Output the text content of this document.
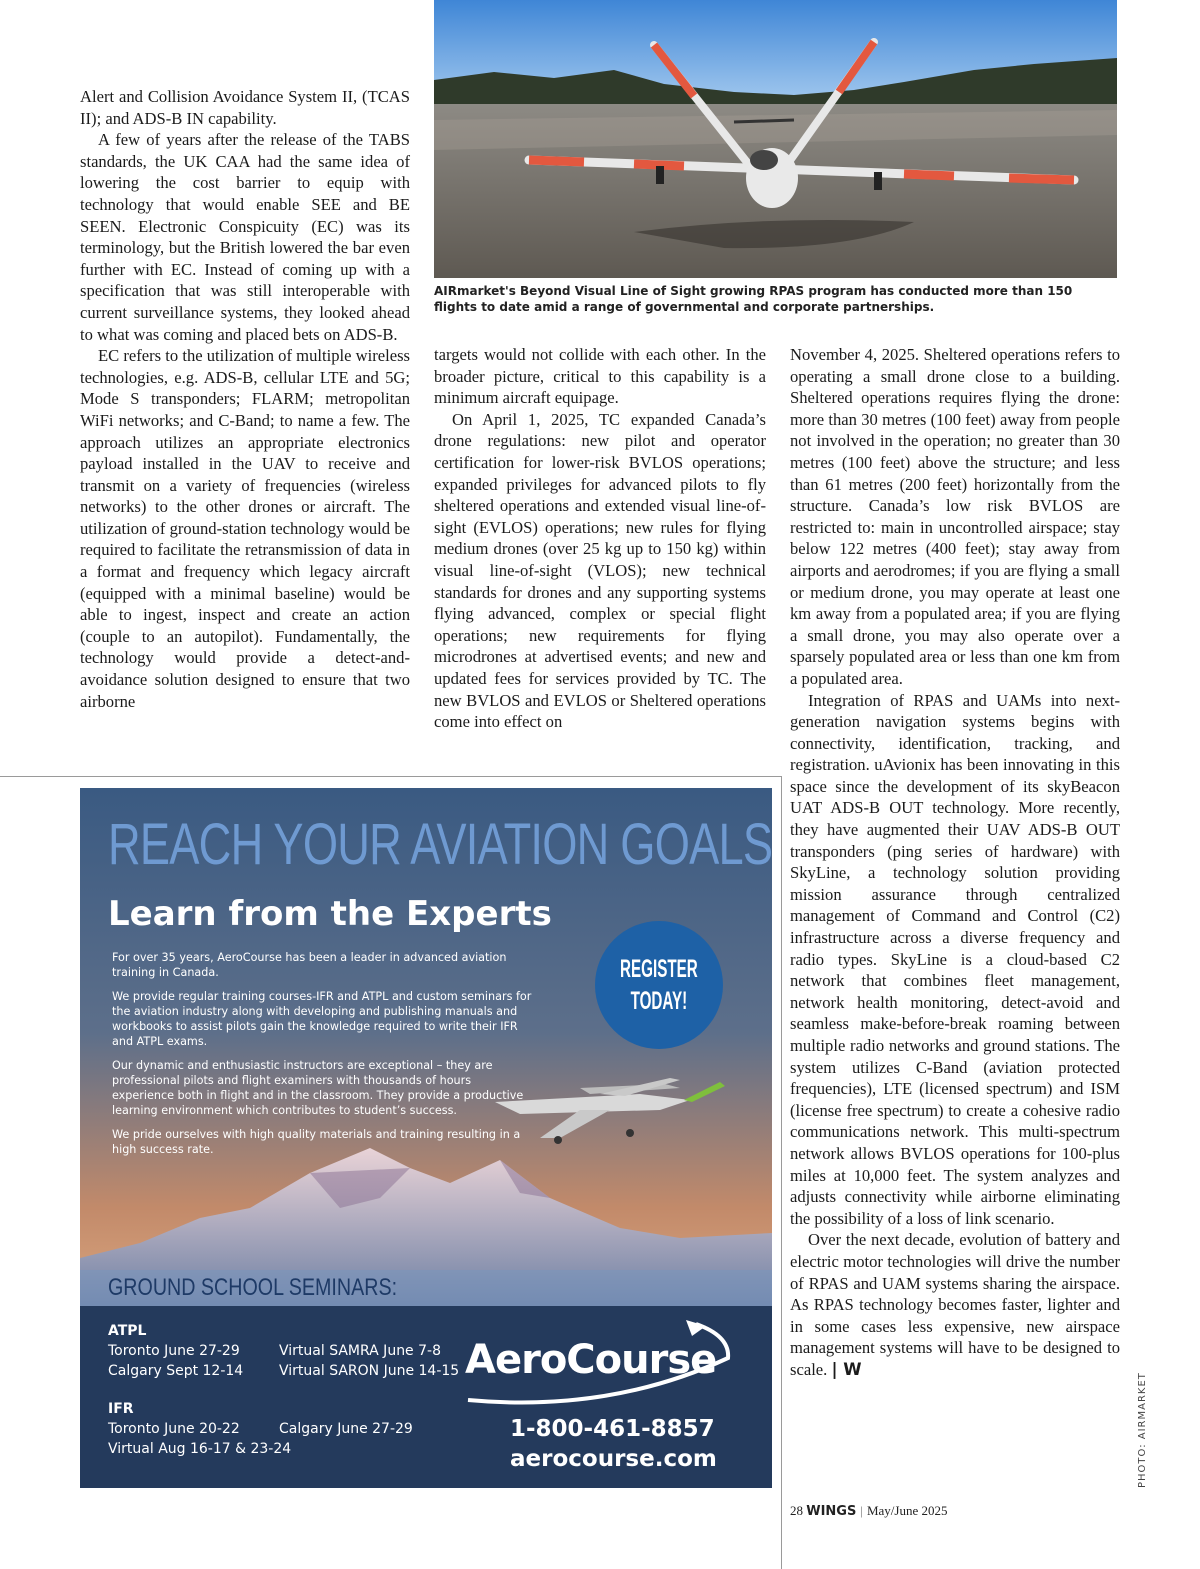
AIRmarket's Beyond Visual Line of Sight growing RPAS program has conducted more than 150 flights to date amid a range of governmental and corporate partnerships.
PHOTO: AIRMARKET

Alert and Collision Avoidance System II, (TCAS II); and ADS-B IN capability.

A few of years after the release of the TABS standards, the UK CAA had the same idea of lowering the cost barrier to equip with technology that would enable SEE and BE SEEN. Electronic Conspicuity (EC) was its terminology, but the British lowered the bar even further with EC. Instead of coming up with a specification that was still interoperable with current surveillance systems, they looked ahead to what was coming and placed bets on ADS-B.

EC refers to the utilization of multiple wireless technologies, e.g. ADS-B, cellular LTE and 5G; Mode S transponders; FLARM; metropolitan WiFi networks; and C-Band; to name a few. The approach utilizes an appropriate electronics payload installed in the UAV to receive and transmit on a variety of frequencies (wireless networks) to the other drones or aircraft. The utilization of ground-station technology would be required to facilitate the retransmission of data in a format and frequency which legacy aircraft (equipped with a minimal baseline) would be able to ingest, inspect and create an action (couple to an autopilot). Fundamentally, the technology would provide a detect-and-avoidance solution designed to ensure that two airborne

targets would not collide with each other. In the broader picture, critical to this capability is a minimum aircraft equipage.

On April 1, 2025, TC expanded Canada’s drone regulations: new pilot and operator certification for lower-risk BVLOS operations; expanded privileges for advanced pilots to fly sheltered operations and extended visual line-of-sight (EVLOS) operations; new rules for flying medium drones (over 25 kg up to 150 kg) within visual line-of-sight (VLOS); new technical standards for drones and any supporting systems flying advanced, complex or special flight operations; new requirements for flying microdrones at advertised events; and new and updated fees for services provided by TC. The new BVLOS and EVLOS or Sheltered operations come into effect on

November 4, 2025. Sheltered operations refers to operating a small drone close to a building. Sheltered operations requires flying the drone: more than 30 metres (100 feet) away from people not involved in the operation; no greater than 30 metres (100 feet) above the structure; and less than 61 metres (200 feet) horizontally from the structure. Canada’s low risk BVLOS are restricted to: main in uncontrolled airspace; stay below 122 metres (400 feet); stay away from airports and aerodromes; if you are flying a small or medium drone, you may operate at least one km away from a populated area; if you are flying a small drone, you may also operate over a sparsely populated area or less than one km from a populated area.

Integration of RPAS and UAMs into next-generation navigation systems begins with connectivity, identification, tracking, and registration. uAvionix has been innovating in this space since the development of its skyBeacon UAT ADS-B OUT technology. More recently, they have augmented their UAV ADS-B OUT transponders (ping series of hardware) with SkyLine, a technology solution providing mission assurance through centralized management of Command and Control (C2) infrastructure across a diverse frequency and radio types. SkyLine is a cloud-based C2 network that combines fleet management, network health monitoring, detect-avoid and seamless make-before-break roaming between multiple radio networks and ground stations. The system utilizes C-Band (aviation protected frequencies), LTE (licensed spectrum) and ISM (license free spectrum) to create a cohesive radio communications network. This multi-spectrum network allows BVLOS operations for 100-plus miles at 10,000 feet. The system analyzes and adjusts connectivity while airborne eliminating the possibility of a loss of link scenario.

Over the next decade, evolution of battery and electric motor technologies will drive the number of RPAS and UAM systems sharing the airspace. As RPAS technology becomes faster, lighter and in some cases less expensive, new airspace management systems will have to be designed to scale. | W

REACH YOUR AVIATION GOALS
Learn from the Experts

For over 35 years, AeroCourse has been a leader in advanced aviation training in Canada.

We provide regular training courses-IFR and ATPL and custom seminars for the aviation industry along with developing and publishing manuals and workbooks to assist pilots gain the knowledge required to write their IFR and ATPL exams.

Our dynamic and enthusiastic instructors are exceptional – they are professional pilots and flight examiners with thousands of hours experience both in flight and in the classroom. They provide a productive learning environment which contributes to student’s success.

We pride ourselves with high quality materials and training resulting in a high success rate.

REGISTER
TODAY!
GROUND SCHOOL SEMINARS:
ATPL
Toronto June 27-29
Calgary Sept 12-14
Virtual SAMRA June 7-8
Virtual SARON June 14-15
IFR
Toronto June 20-22
Virtual Aug 16-17 & 23-24
Calgary June 27-29
AeroCourse
1-800-461-8857
aerocourse.com
28 WINGS | May/June 2025
